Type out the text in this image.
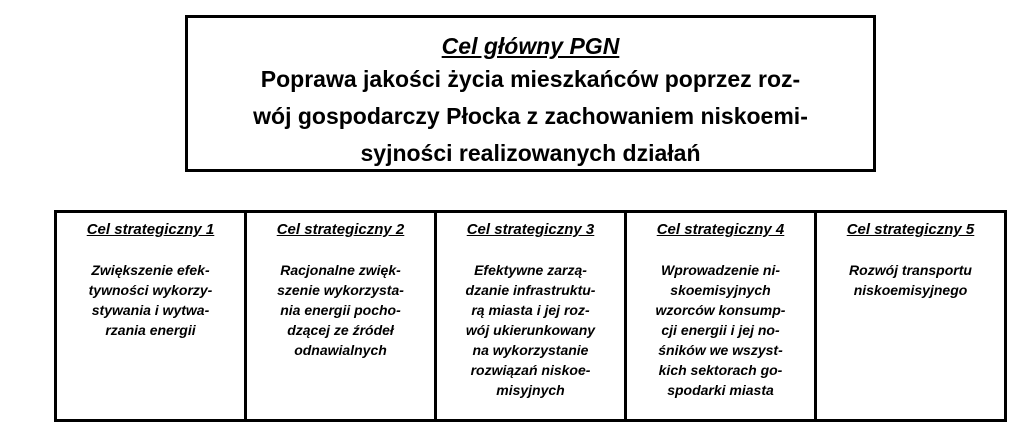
Cel główny PGN
Poprawa jakości życia mieszkańców poprzez roz-
wój gospodarczy Płocka z zachowaniem niskoemi-
syjności realizowanych działań
Cel strategiczny 1
Zwiększenie efek-
tywności wykorzy-
stywania i wytwa-
rzania energii
Cel strategiczny 2
Racjonalne zwięk-
szenie wykorzysta-
nia energii pocho-
dzącej ze źródeł
odnawialnych
Cel strategiczny 3
Efektywne zarzą-
dzanie infrastruktu-
rą miasta i jej roz-
wój ukierunkowany
na wykorzystanie
rozwiązań niskoe-
misyjnych
Cel strategiczny 4
Wprowadzenie ni-
skoemisyjnych
wzorców konsump-
cji energii i jej no-
śników we wszyst-
kich sektorach go-
spodarki miasta
Cel strategiczny 5
Rozwój transportu
niskoemisyjnego
